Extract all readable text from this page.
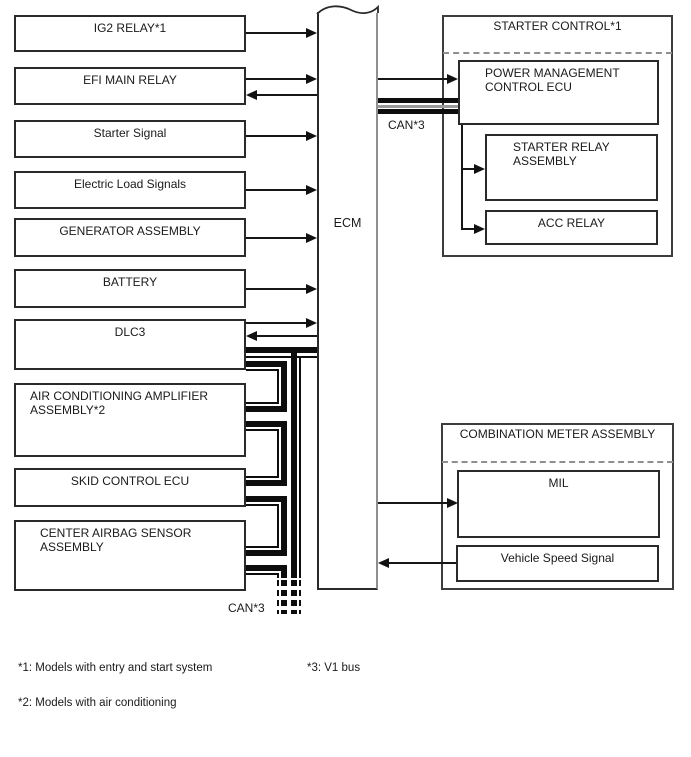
IG2 RELAY*1
EFI MAIN RELAY
Starter Signal
Electric Load Signals
GENERATOR ASSEMBLY
BATTERY
DLC3
AIR CONDITIONING AMPLIFIER ASSEMBLY*2
SKID CONTROL ECU
CENTER AIRBAG SENSOR ASSEMBLY
ECM
STARTER CONTROL*1
POWER MANAGEMENT CONTROL ECU
STARTER RELAY ASSEMBLY
ACC RELAY
COMBINATION METER ASSEMBLY
MIL
Vehicle Speed Signal
CAN*3
CAN*3
*1: Models with entry and start system	*3: V1 bus
*2: Models with air conditioning
